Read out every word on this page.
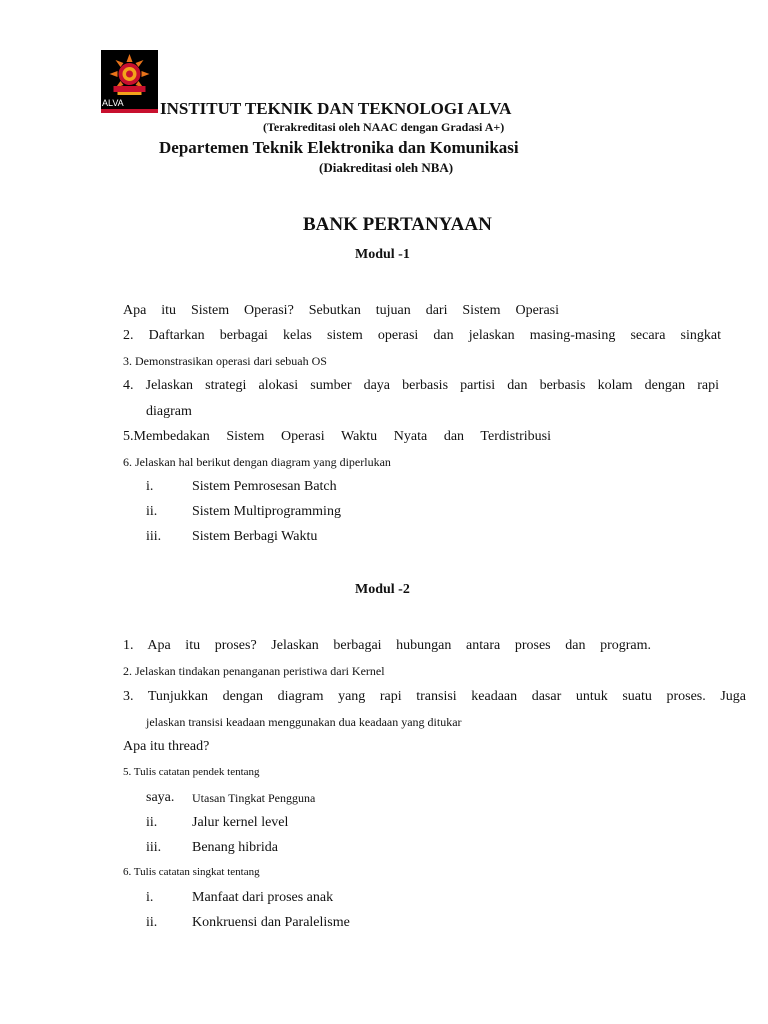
ALVA INSTITUT TEKNIK DAN TEKNOLOGI ALVA
(Terakreditasi oleh NAAC dengan Gradasi A+)
Departemen Teknik Elektronika dan Komunikasi
(Diakreditasi oleh NBA)
BANK PERTANYAAN
Modul -1
Apa itu Sistem Operasi? Sebutkan tujuan dari Sistem Operasi
2. Daftarkan berbagai kelas sistem operasi dan jelaskan masing-masing secara singkat
3. Demonstrasikan operasi dari sebuah OS
4. Jelaskan strategi alokasi sumber daya berbasis partisi dan berbasis kolam dengan rapi
diagram
5.Membedakan Sistem Operasi Waktu Nyata dan Terdistribusi
6. Jelaskan hal berikut dengan diagram yang diperlukan
i.	Sistem Pemrosesan Batch
ii. Sistem Multiprogramming
iii. Sistem Berbagi Waktu
Modul -2
1. Apa itu proses? Jelaskan berbagai hubungan antara proses dan program.
2. Jelaskan tindakan penanganan peristiwa dari Kernel
3. Tunjukkan dengan diagram yang rapi transisi keadaan dasar untuk suatu proses. Juga
jelaskan transisi keadaan menggunakan dua keadaan yang ditukar
Apa itu thread?
5. Tulis catatan pendek tentang
saya. Utasan Tingkat Pengguna
ii. Jalur kernel level
iii. Benang hibrida
6. Tulis catatan singkat tentang
i.	Manfaat dari proses anak
ii. Konkruensi dan Paralelisme
